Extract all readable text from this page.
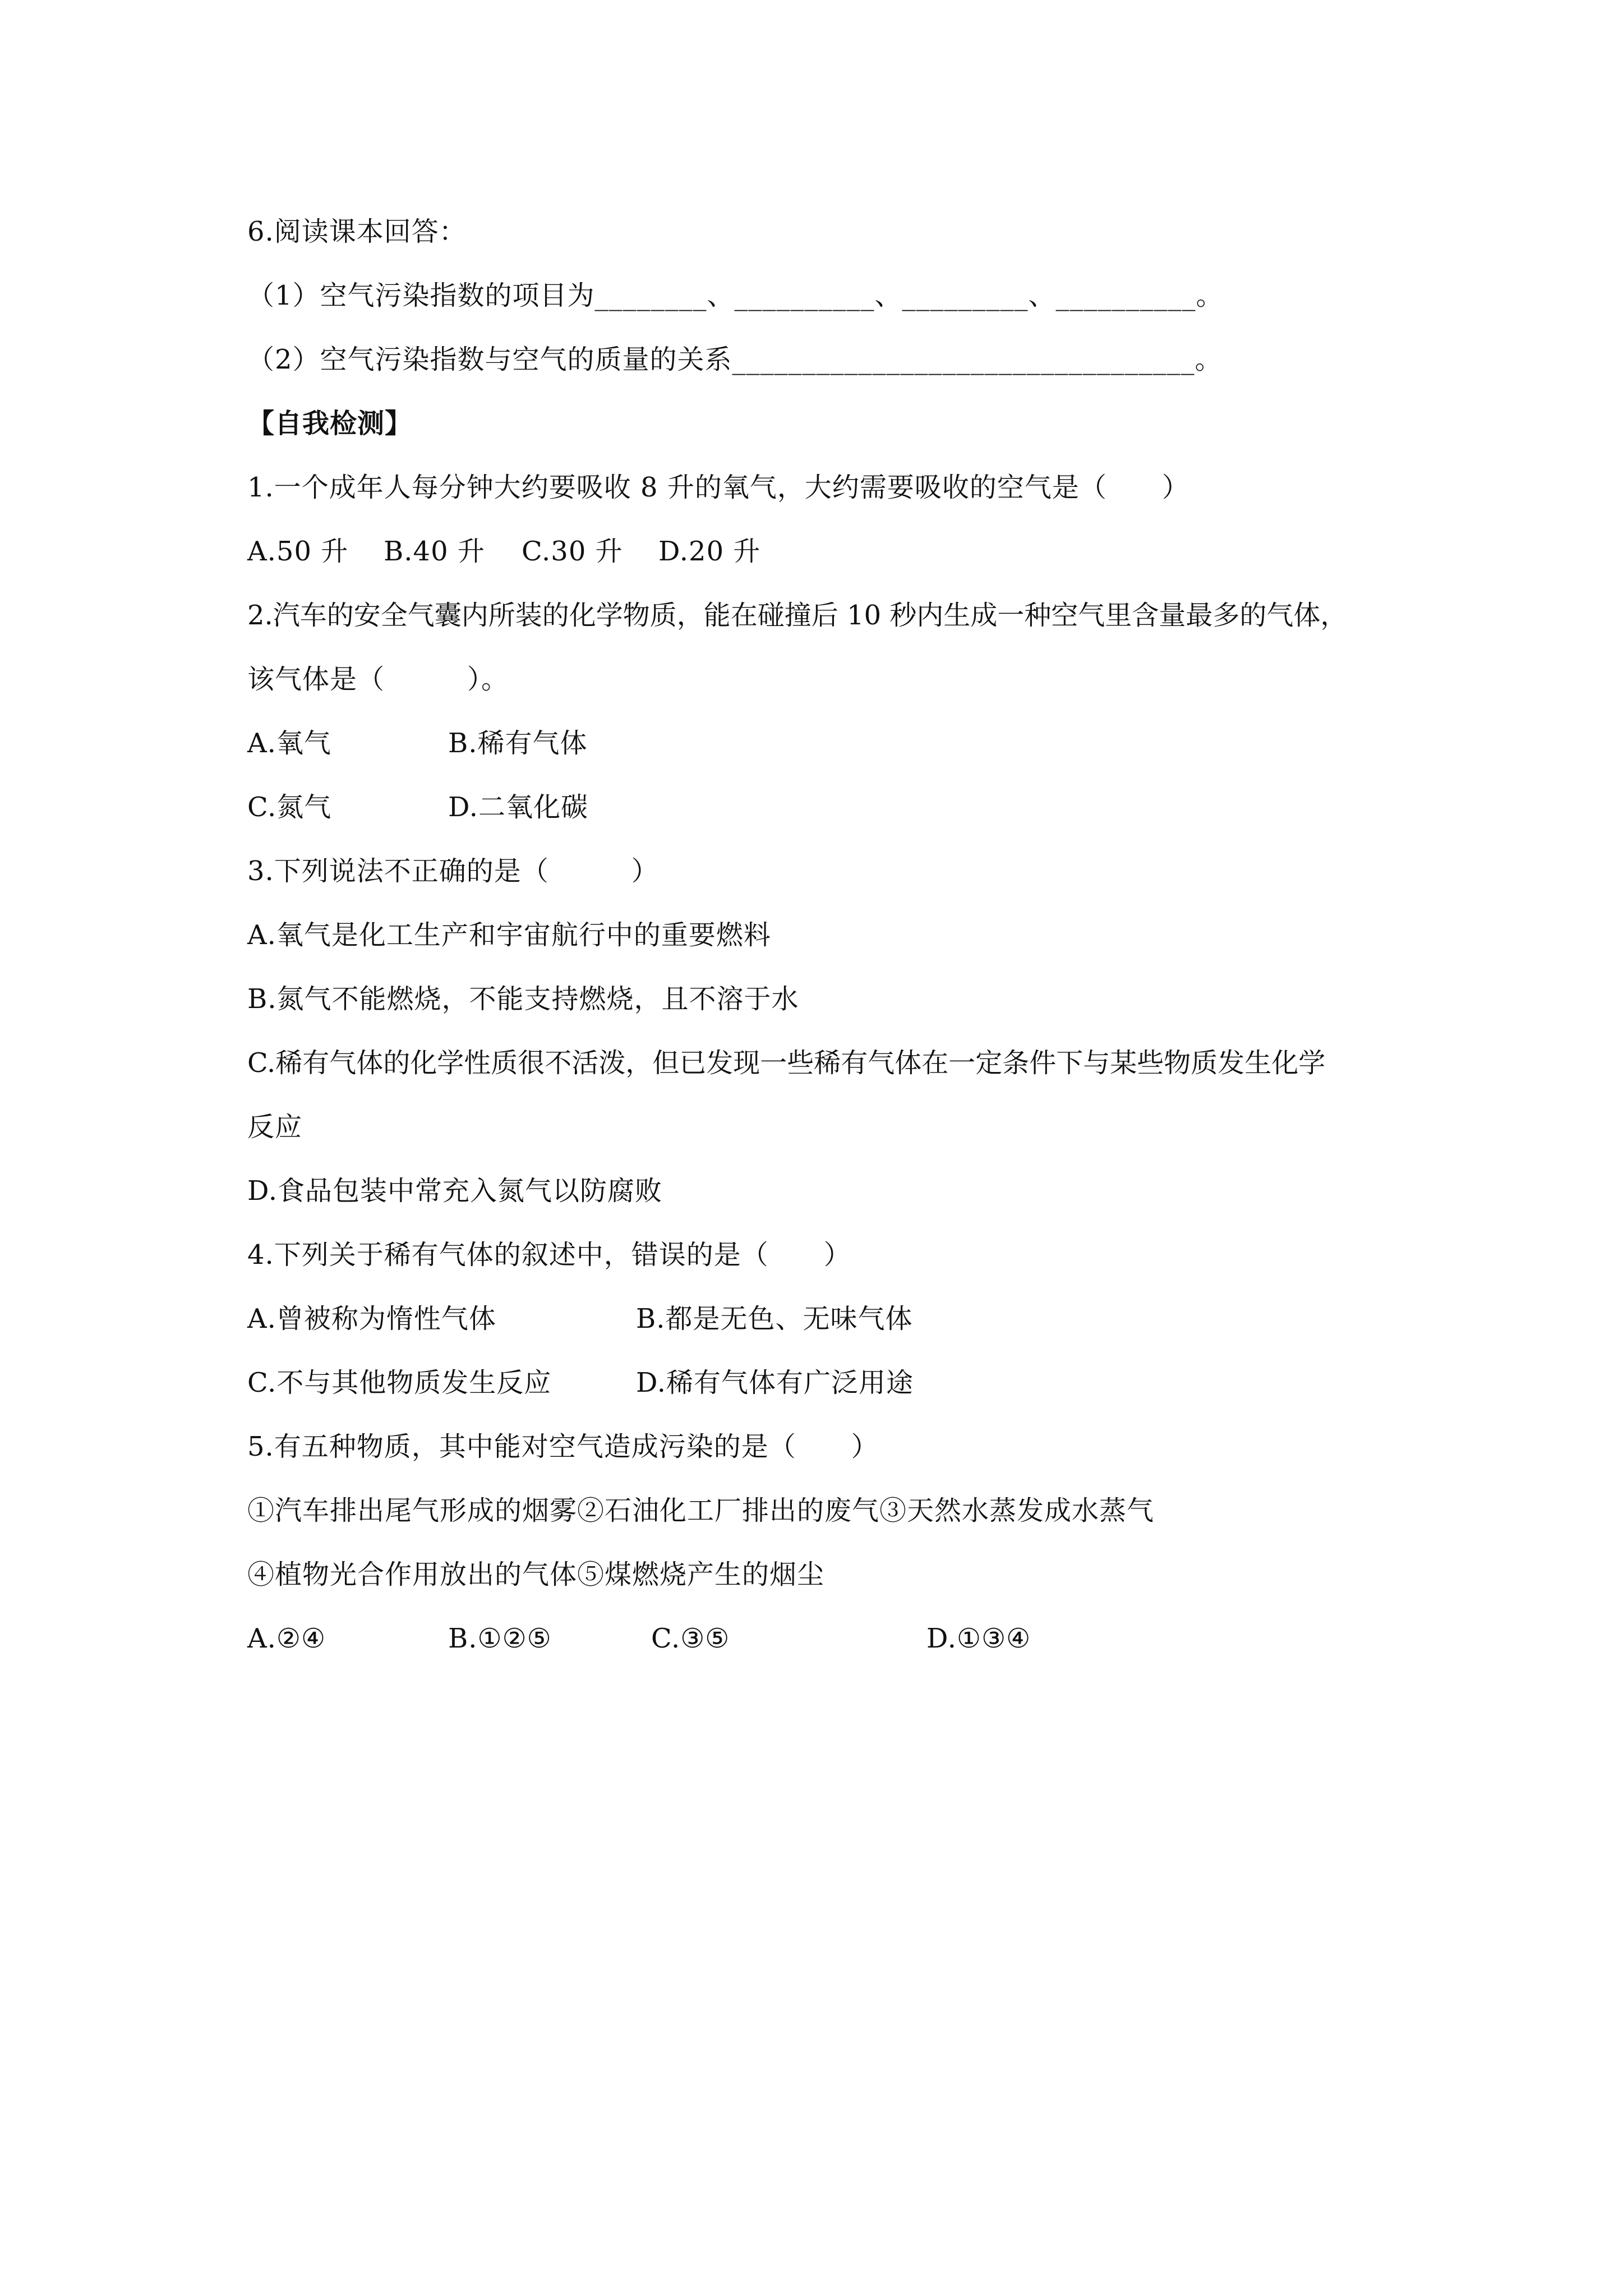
6.阅读课本回答：
（1）空气污染指数的项目为________、__________、_________、__________。
（2）空气污染指数与空气的质量的关系_________________________________。
【自我检测】
1.一个成年人每分钟大约要吸收 8 升的氧气，大约需要吸收的空气是（　　）
A.50 升 B.40 升 C.30 升 D.20 升
2.汽车的安全气囊内所装的化学物质，能在碰撞后 10 秒内生成一种空气里含量最多的气体，
该气体是（　　　）。
A.氧气	B.稀有气体
C.氮气	D.二氧化碳
3.下列说法不正确的是（　　　）
A.氧气是化工生产和宇宙航行中的重要燃料
B.氮气不能燃烧，不能支持燃烧，且不溶于水
C.稀有气体的化学性质很不活泼，但已发现一些稀有气体在一定条件下与某些物质发生化学
反应
D.食品包装中常充入氮气以防腐败
4.下列关于稀有气体的叙述中，错误的是（　　）
A.曾被称为惰性气体	B.都是无色、无味气体
C.不与其他物质发生反应	D.稀有气体有广泛用途
5.有五种物质，其中能对空气造成污染的是（　　）
①汽车排出尾气形成的烟雾②石油化工厂排出的废气③天然水蒸发成水蒸气
④植物光合作用放出的气体⑤煤燃烧产生的烟尘
A.②④	B.①②⑤	C.③⑤	D.①③④
